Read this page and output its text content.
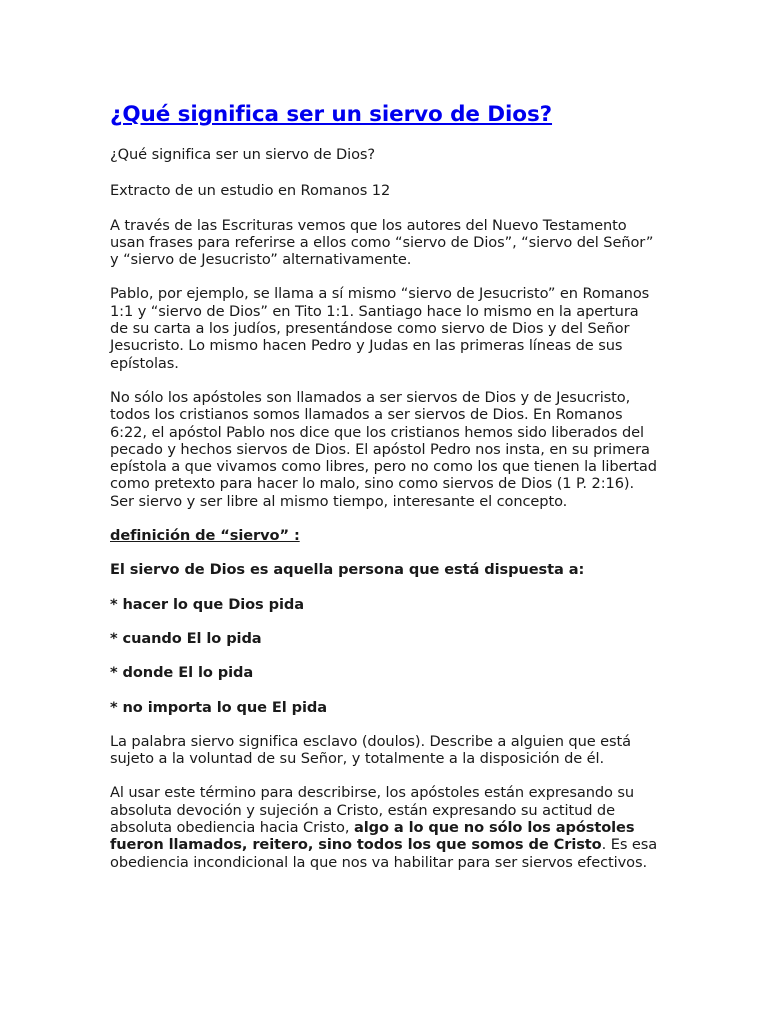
¿Qué significa ser un siervo de Dios?

¿Qué significa ser un siervo de Dios?

Extracto de un estudio en Romanos 12

A través de las Escrituras vemos que los autores del Nuevo Testamento usan frases para referirse a ellos como “siervo de Dios”, “siervo del Señor” y “siervo de Jesucristo” alternativamente.

Pablo, por ejemplo, se llama a sí mismo “siervo de Jesucristo” en Romanos 1:1 y “siervo de Dios” en Tito 1:1. Santiago hace lo mismo en la apertura de su carta a los judíos, presentándose como siervo de Dios y del Señor Jesucristo. Lo mismo hacen Pedro y Judas en las primeras líneas de sus epístolas.

No sólo los apóstoles son llamados a ser siervos de Dios y de Jesucristo, todos los cristianos somos llamados a ser siervos de Dios. En Romanos 6:22, el apóstol Pablo nos dice que los cristianos hemos sido liberados del pecado y hechos siervos de Dios. El apóstol Pedro nos insta, en su primera epístola a que vivamos como libres, pero no como los que tienen la libertad como pretexto para hacer lo malo, sino como siervos de Dios (1 P. 2:16). Ser siervo y ser libre al mismo tiempo, interesante el concepto.

definición de “siervo” :

El siervo de Dios es aquella persona que está dispuesta a:

* hacer lo que Dios pida

* cuando El lo pida

* donde El lo pida

* no importa lo que El pida

La palabra siervo significa esclavo (doulos). Describe a alguien que está sujeto a la voluntad de su Señor, y totalmente a la disposición de él.

Al usar este término para describirse, los apóstoles están expresando su absoluta devoción y sujeción a Cristo, están expresando su actitud de absoluta obediencia hacia Cristo, algo a lo que no sólo los apóstoles fueron llamados, reitero, sino todos los que somos de Cristo. Es esa obediencia incondicional la que nos va habilitar para ser siervos efectivos.
